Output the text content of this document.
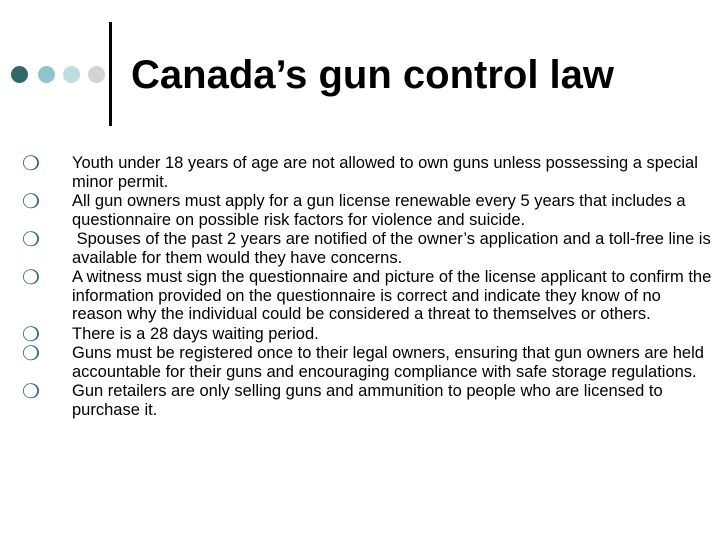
Canada’s gun control law
❍	Youth under 18 years of age are not allowed to own guns unless possessing a special minor permit.
❍	All gun owners must apply for a gun license renewable every 5 years that includes a questionnaire on possible risk factors for violence and suicide.
❍	Spouses of the past 2 years are notified of the owner’s application and a toll-free line is available for them would they have concerns.
❍	A witness must sign the questionnaire and picture of the license applicant to confirm the information provided on the questionnaire is correct and indicate they know of no reason why the individual could be considered a threat to themselves or others.
❍	There is a 28 days waiting period.
❍	Guns must be registered once to their legal owners, ensuring that gun owners are held accountable for their guns and encouraging compliance with safe storage regulations.
❍	Gun retailers are only selling guns and ammunition to people who are licensed to purchase it.
